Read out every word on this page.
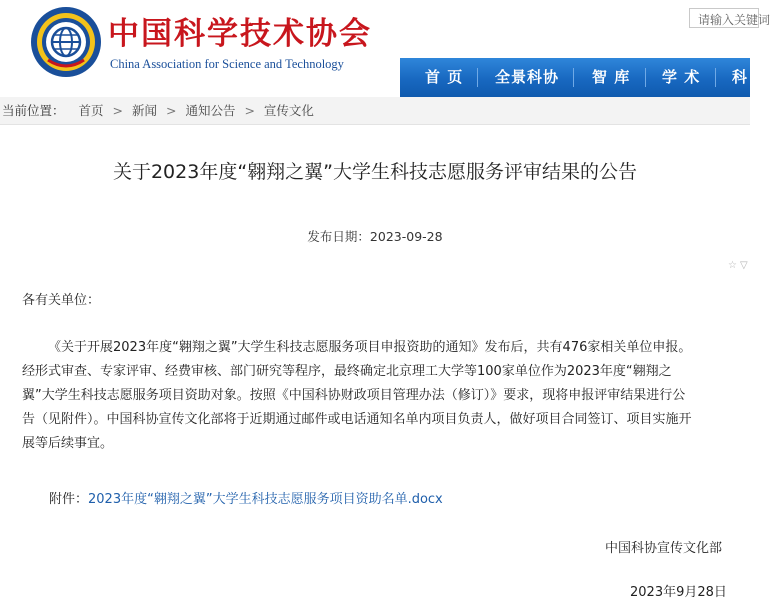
中国科学技术协会
China Association for Science and Technology
请输入关键词
首 页 全景科协 智 库 学 术 科
当前位置： 首页 > 新闻 > 通知公告 > 宣传文化
关于2023年度“翱翔之翼”大学生科技志愿服务评审结果的公告
发布日期：2023-09-28
☆▽
各有关单位：
《关于开展2023年度“翱翔之翼”大学生科技志愿服务项目申报资助的通知》发布后，共有476家相关单位申报。
经形式审查、专家评审、经费审核、部门研究等程序，最终确定北京理工大学等100家单位作为2023年度“翱翔之
翼”大学生科技志愿服务项目资助对象。按照《中国科协财政项目管理办法（修订）》要求，现将申报评审结果进行公
告（见附件）。中国科协宣传文化部将于近期通过邮件或电话通知名单内项目负责人，做好项目合同签订、项目实施开
展等后续事宜。
附件：2023年度“翱翔之翼”大学生科技志愿服务项目资助名单.docx
中国科协宣传文化部
2023年9月28日
